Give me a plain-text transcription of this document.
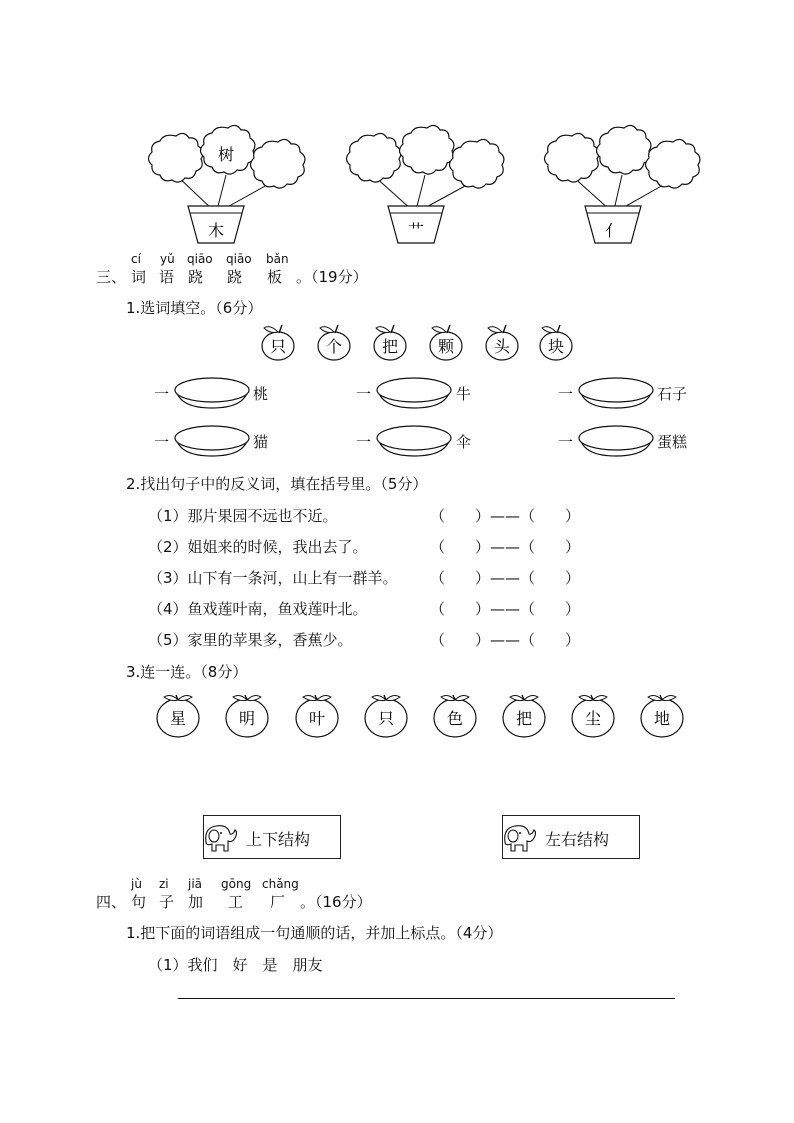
树
木	艹	亻
三、
cí yǔ qiāo qiāo bǎn
词 语 跷 跷 板 。（19分）
1.选词填空。（6分）
只 个 把 颗 头 块
一	桃	一	牛	一	石子
一	猫	一	伞	一	蛋糕
2.找出句子中的反义词，填在括号里。（5分）
（1）那片果园不远也不近。	（　　）——（　　）
（2）姐姐来的时候，我出去了。	（　　）——（　　）
（3）山下有一条河，山上有一群羊。 （　　）——（　　）
（4）鱼戏莲叶南，鱼戏莲叶北。	（　　）——（　　）
（5）家里的苹果多，香蕉少。	（　　）——（　　）
3.连一连。（8分）
星	明	叶	只	色	把	尘	地
上下结构	左右结构
四、
jù zi jiā gōng chǎng
句 子 加 工 厂 。（16分）
1.把下面的词语组成一句通顺的话，并加上标点。（4分）
（1）我们　好　是　朋友
